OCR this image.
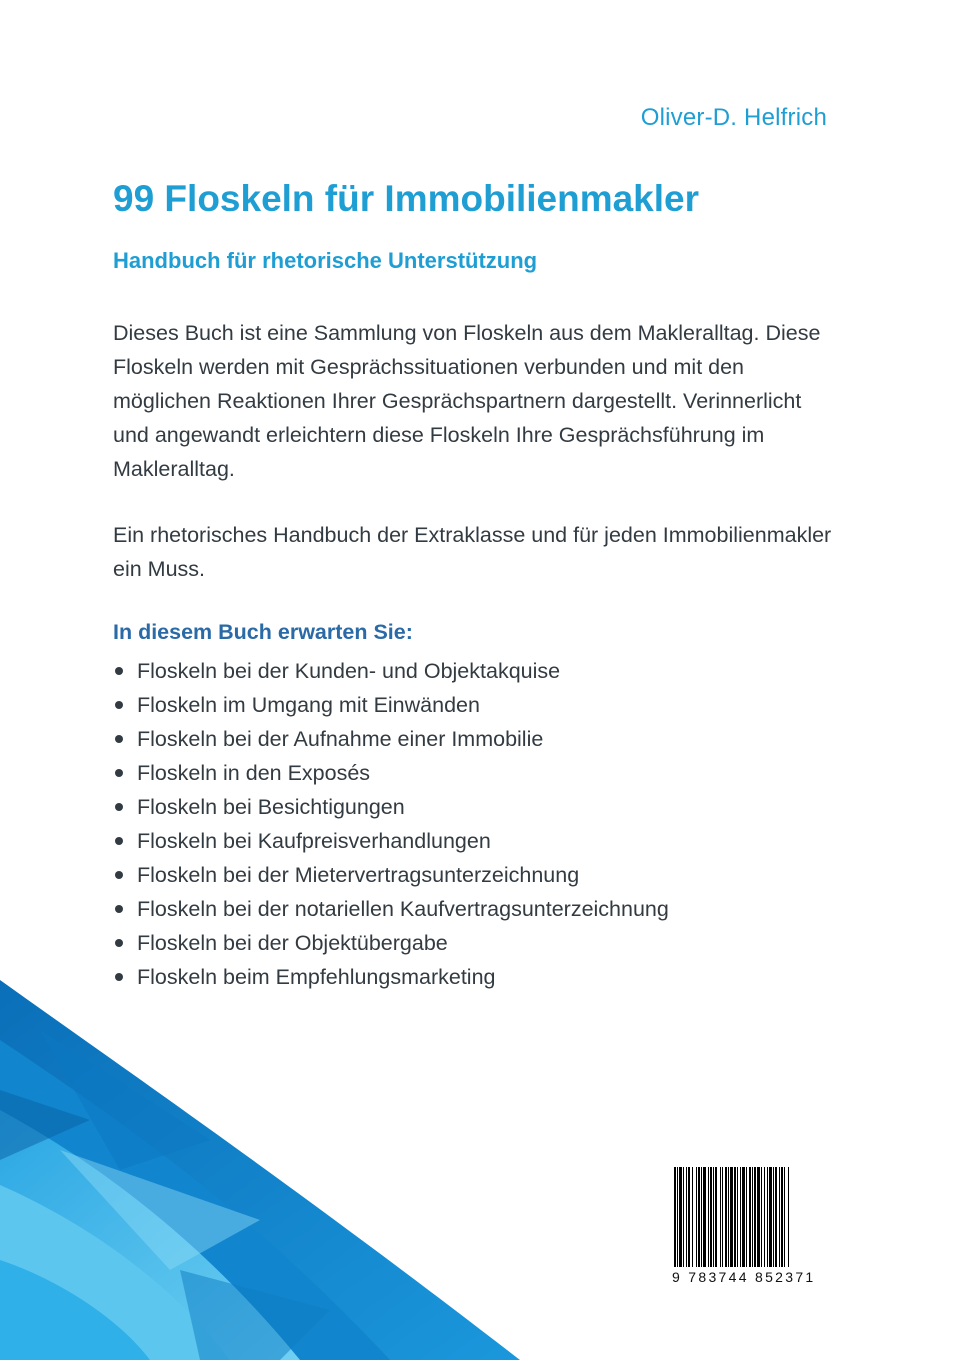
Oliver-D. Helfrich
99 Floskeln für Immobilienmakler
Handbuch für rhetorische Unterstützung

Dieses Buch ist eine Sammlung von Floskeln aus dem Makleralltag. Diese Floskeln werden mit Gesprächssituationen verbunden und mit den möglichen Reaktionen Ihrer Gesprächspartnern dargestellt. Verinnerlicht und angewandt erleichtern diese Floskeln Ihre Gesprächsführung im Makleralltag.

Ein rhetorisches Handbuch der Extraklasse und für jeden Immobilienmakler ein Muss.

In diesem Buch erwarten Sie:
Floskeln bei der Kunden- und Objektakquise
Floskeln im Umgang mit Einwänden
Floskeln bei der Aufnahme einer Immobilie
Floskeln in den Exposés
Floskeln bei Besichtigungen
Floskeln bei Kaufpreisverhandlungen
Floskeln bei der Mietervertragsunterzeichnung
Floskeln bei der notariellen Kaufvertragsunterzeichnung
Floskeln bei der Objektübergabe
Floskeln beim Empfehlungsmarketing
9 783744 852371
